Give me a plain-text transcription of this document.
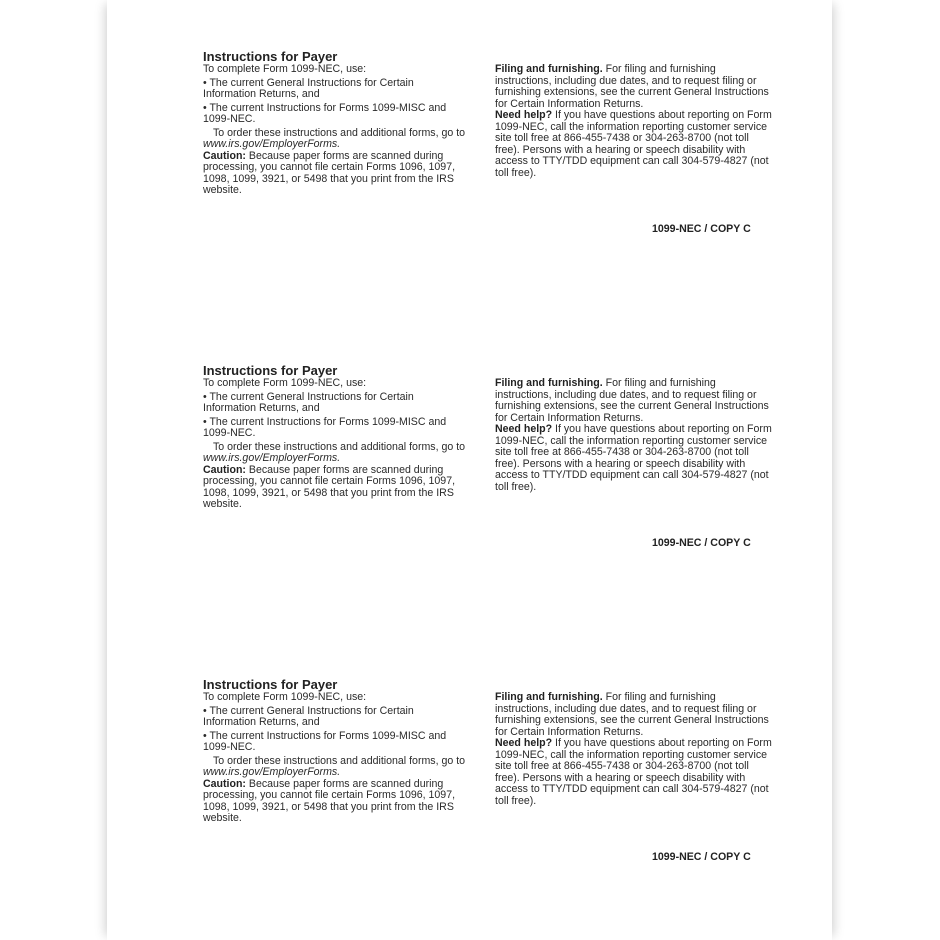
Instructions for Payer

To complete Form 1099-NEC, use:

• The current General Instructions for Certain Information Returns, and

• The current Instructions for Forms 1099-MISC and 1099-NEC.

To order these instructions and additional forms, go to www.irs.gov/EmployerForms.

Caution: Because paper forms are scanned during processing, you cannot file certain Forms 1096, 1097, 1098, 1099, 3921, or 5498 that you print from the IRS website.

Filing and furnishing. For filing and furnishing instructions, including due dates, and to request filing or furnishing extensions, see the current General Instructions for Certain Information Returns.

Need help? If you have questions about reporting on Form 1099-NEC, call the information reporting customer service site toll free at 866-455-7438 or 304-263-8700 (not toll free). Persons with a hearing or speech disability with access to TTY/TDD equipment can call 304-579-4827 (not toll free).

1099-NEC / COPY C

Instructions for Payer

To complete Form 1099-NEC, use:

• The current General Instructions for Certain Information Returns, and

• The current Instructions for Forms 1099-MISC and 1099-NEC.

To order these instructions and additional forms, go to www.irs.gov/EmployerForms.

Caution: Because paper forms are scanned during processing, you cannot file certain Forms 1096, 1097, 1098, 1099, 3921, or 5498 that you print from the IRS website.

Filing and furnishing. For filing and furnishing instructions, including due dates, and to request filing or furnishing extensions, see the current General Instructions for Certain Information Returns.

Need help? If you have questions about reporting on Form 1099-NEC, call the information reporting customer service site toll free at 866-455-7438 or 304-263-8700 (not toll free). Persons with a hearing or speech disability with access to TTY/TDD equipment can call 304-579-4827 (not toll free).

1099-NEC / COPY C

Instructions for Payer

To complete Form 1099-NEC, use:

• The current General Instructions for Certain Information Returns, and

• The current Instructions for Forms 1099-MISC and 1099-NEC.

To order these instructions and additional forms, go to www.irs.gov/EmployerForms.

Caution: Because paper forms are scanned during processing, you cannot file certain Forms 1096, 1097, 1098, 1099, 3921, or 5498 that you print from the IRS website.

Filing and furnishing. For filing and furnishing instructions, including due dates, and to request filing or furnishing extensions, see the current General Instructions for Certain Information Returns.

Need help? If you have questions about reporting on Form 1099-NEC, call the information reporting customer service site toll free at 866-455-7438 or 304-263-8700 (not toll free). Persons with a hearing or speech disability with access to TTY/TDD equipment can call 304-579-4827 (not toll free).

1099-NEC / COPY C
